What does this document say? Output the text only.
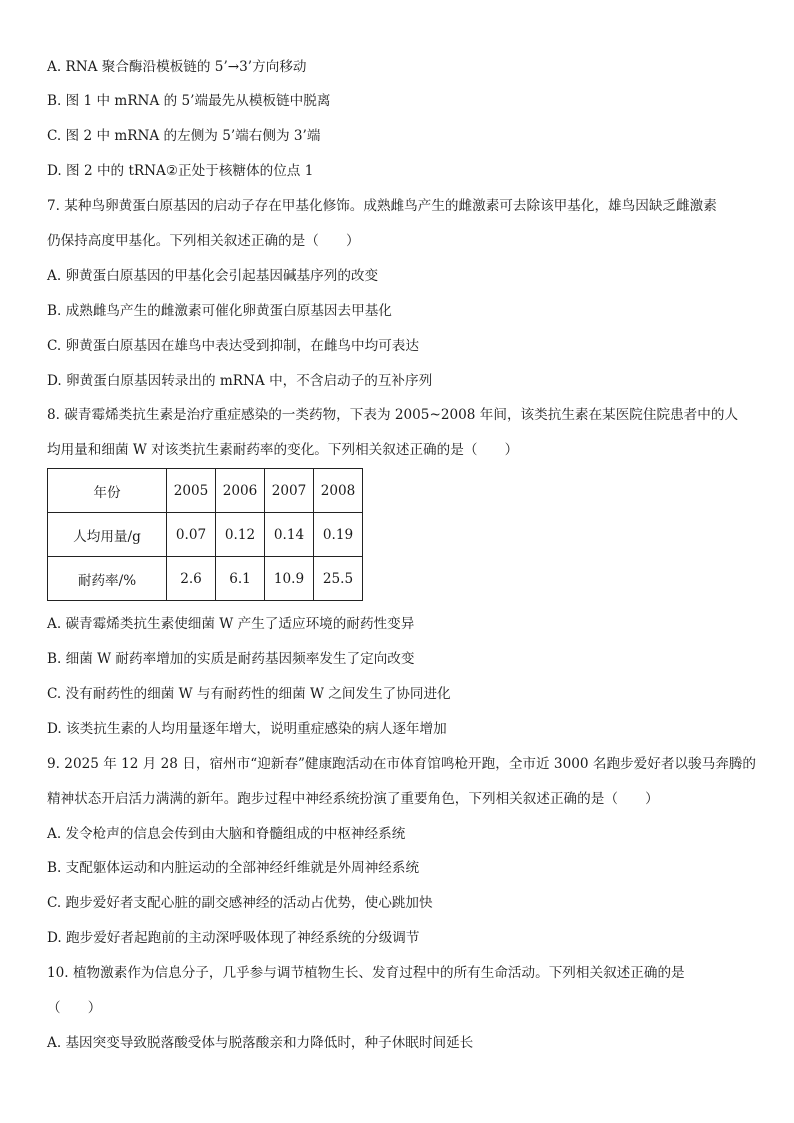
A. RNA 聚合酶沿模板链的 5’→3’方向移动
B. 图 1 中 mRNA 的 5’端最先从模板链中脱离
C. 图 2 中 mRNA 的左侧为 5’端右侧为 3’端
D. 图 2 中的 tRNA②正处于核糖体的位点 1
7. 某种鸟卵黄蛋白原基因的启动子存在甲基化修饰。成熟雌鸟产生的雌激素可去除该甲基化，雄鸟因缺乏雌激素
仍保持高度甲基化。下列相关叙述正确的是（　　）
A. 卵黄蛋白原基因的甲基化会引起基因碱基序列的改变
B. 成熟雌鸟产生的雌激素可催化卵黄蛋白原基因去甲基化
C. 卵黄蛋白原基因在雄鸟中表达受到抑制，在雌鸟中均可表达
D. 卵黄蛋白原基因转录出的 mRNA 中，不含启动子的互补序列
8. 碳青霉烯类抗生素是治疗重症感染的一类药物，下表为 2005~2008 年间，该类抗生素在某医院住院患者中的人
均用量和细菌 W 对该类抗生素耐药率的变化。下列相关叙述正确的是（　　）
年份	2005	2006	2007	2008
人均用量/g	0.07	0.12	0.14	0.19
耐药率/%	2.6	6.1	10.9	25.5
A. 碳青霉烯类抗生素使细菌 W 产生了适应环境的耐药性变异
B. 细菌 W 耐药率增加的实质是耐药基因频率发生了定向改变
C. 没有耐药性的细菌 W 与有耐药性的细菌 W 之间发生了协同进化
D. 该类抗生素的人均用量逐年增大，说明重症感染的病人逐年增加
9. 2025 年 12 月 28 日，宿州市“迎新春”健康跑活动在市体育馆鸣枪开跑，全市近 3000 名跑步爱好者以骏马奔腾的
精神状态开启活力满满的新年。跑步过程中神经系统扮演了重要角色，下列相关叙述正确的是（　　）
A. 发令枪声的信息会传到由大脑和脊髓组成的中枢神经系统
B. 支配躯体运动和内脏运动的全部神经纤维就是外周神经系统
C. 跑步爱好者支配心脏的副交感神经的活动占优势，使心跳加快
D. 跑步爱好者起跑前的主动深呼吸体现了神经系统的分级调节
10. 植物激素作为信息分子，几乎参与调节植物生长、发育过程中的所有生命活动。下列相关叙述正确的是
（　　）
A. 基因突变导致脱落酸受体与脱落酸亲和力降低时，种子休眠时间延长
